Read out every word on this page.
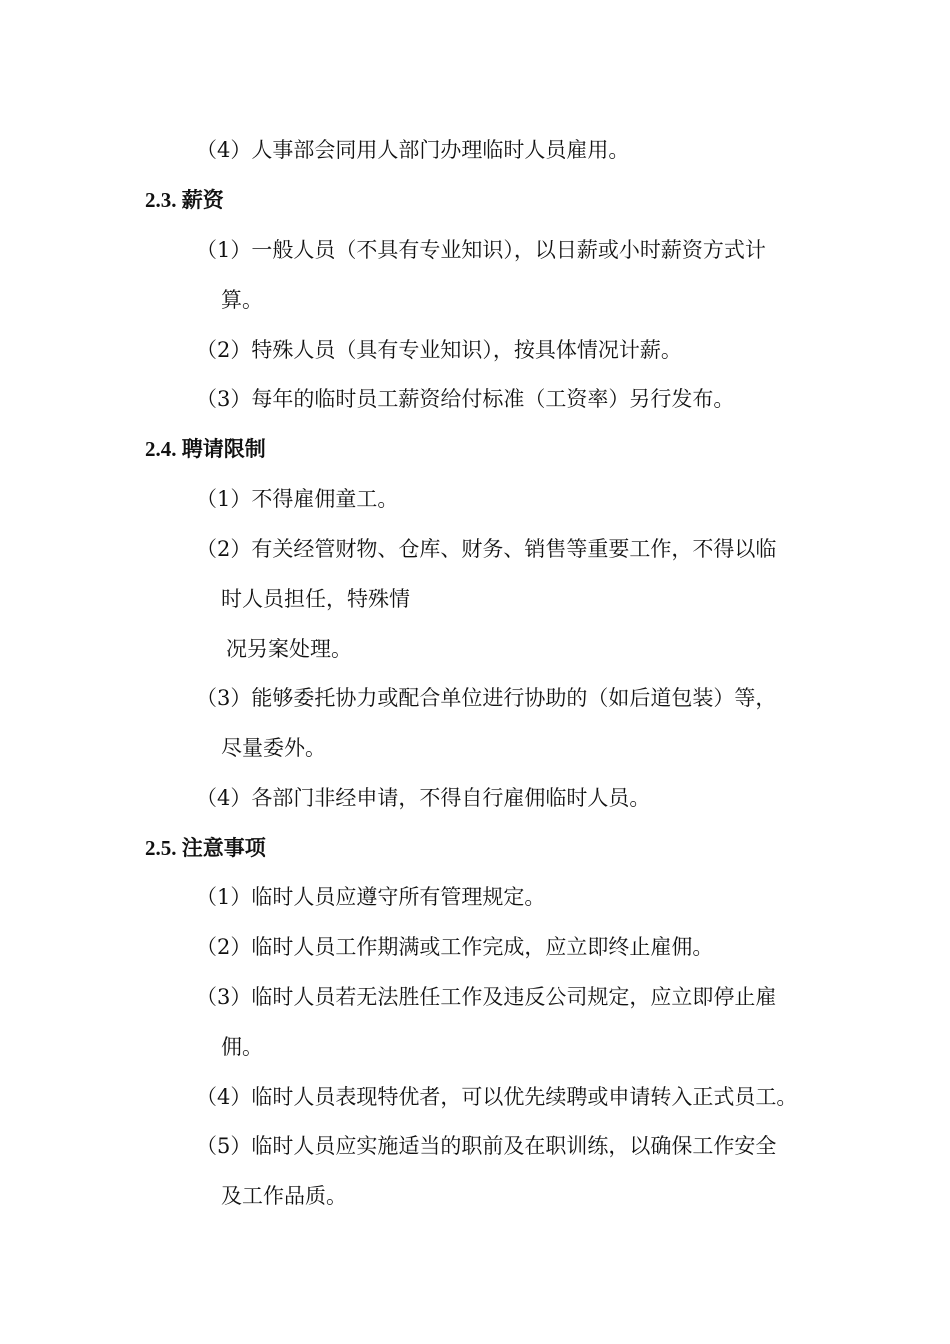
（4）人事部会同用人部门办理临时人员雇用。
2.3. 薪资
（1）一般人员（不具有专业知识），以日薪或小时薪资方式计
算。
（2）特殊人员（具有专业知识），按具体情况计薪。
（3）每年的临时员工薪资给付标准（工资率）另行发布。
2.4. 聘请限制
（1）不得雇佣童工。
（2）有关经管财物、仓库、财务、销售等重要工作，不得以临
时人员担任，特殊情
况另案处理。
（3）能够委托协力或配合单位进行协助的（如后道包装）等，
尽量委外。
（4）各部门非经申请，不得自行雇佣临时人员。
2.5. 注意事项
（1）临时人员应遵守所有管理规定。
（2）临时人员工作期满或工作完成，应立即终止雇佣。
（3）临时人员若无法胜任工作及违反公司规定，应立即停止雇
佣。
（4）临时人员表现特优者，可以优先续聘或申请转入正式员工。
（5）临时人员应实施适当的职前及在职训练，以确保工作安全
及工作品质。
